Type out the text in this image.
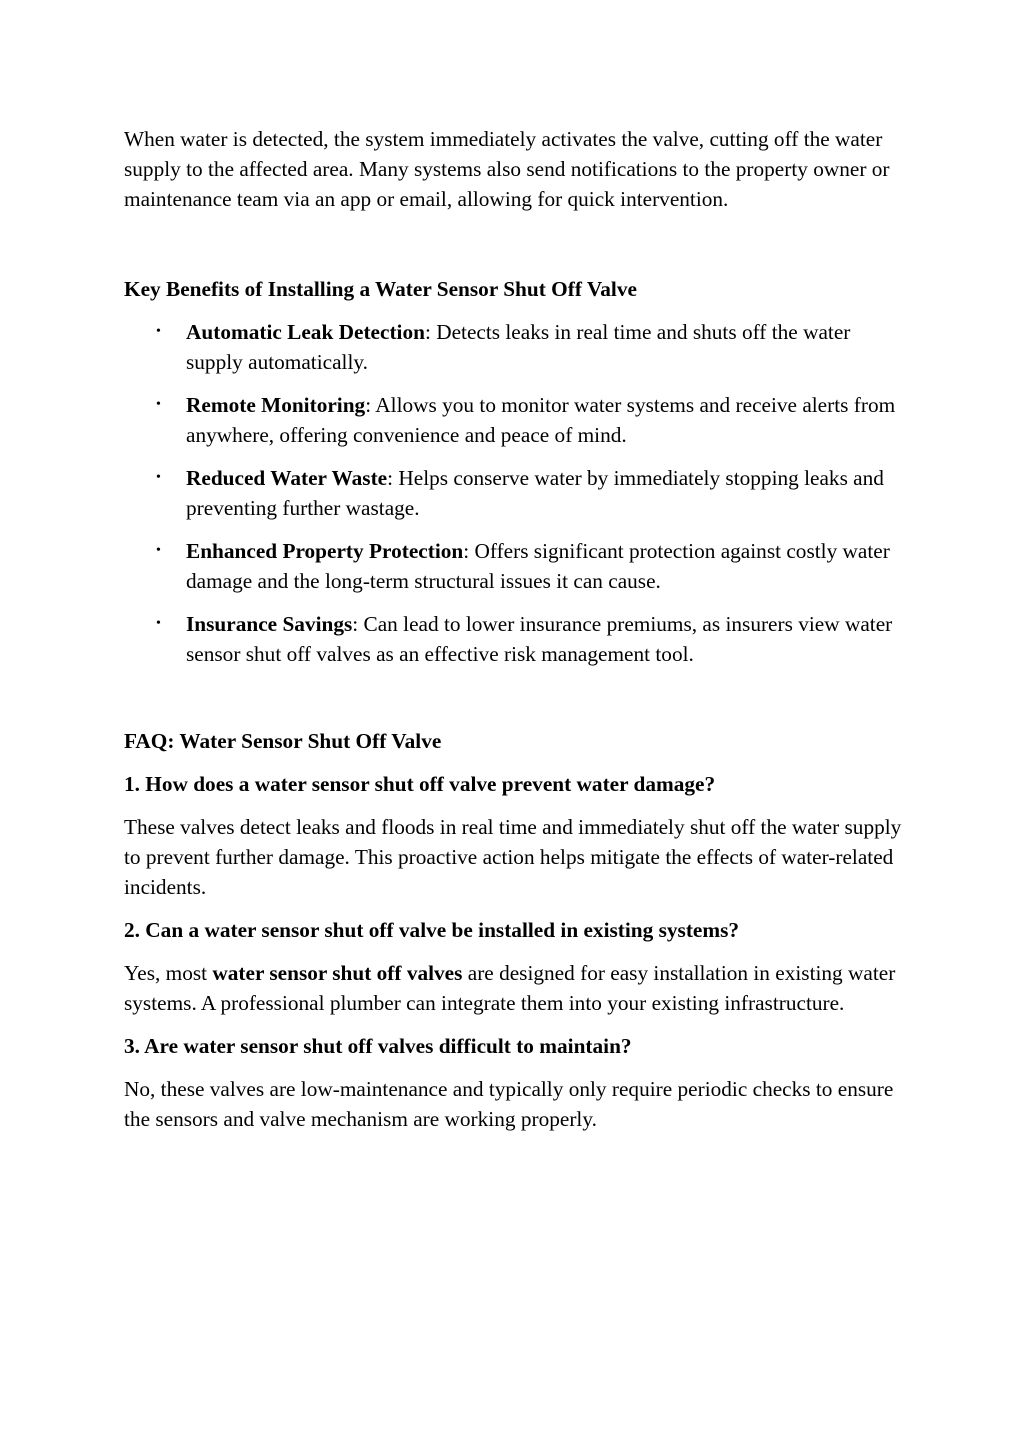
When water is detected, the system immediately activates the valve, cutting off the water supply to the affected area. Many systems also send notifications to the property owner or maintenance team via an app or email, allowing for quick intervention.

Key Benefits of Installing a Water Sensor Shut Off Valve

• Automatic Leak Detection: Detects leaks in real time and shuts off the water supply automatically.
• Remote Monitoring: Allows you to monitor water systems and receive alerts from anywhere, offering convenience and peace of mind.
• Reduced Water Waste: Helps conserve water by immediately stopping leaks and preventing further wastage.
• Enhanced Property Protection: Offers significant protection against costly water damage and the long-term structural issues it can cause.
• Insurance Savings: Can lead to lower insurance premiums, as insurers view water sensor shut off valves as an effective risk management tool.

FAQ: Water Sensor Shut Off Valve

1. How does a water sensor shut off valve prevent water damage?

These valves detect leaks and floods in real time and immediately shut off the water supply to prevent further damage. This proactive action helps mitigate the effects of water-related incidents.

2. Can a water sensor shut off valve be installed in existing systems?

Yes, most water sensor shut off valves are designed for easy installation in existing water systems. A professional plumber can integrate them into your existing infrastructure.

3. Are water sensor shut off valves difficult to maintain?

No, these valves are low-maintenance and typically only require periodic checks to ensure the sensors and valve mechanism are working properly.
